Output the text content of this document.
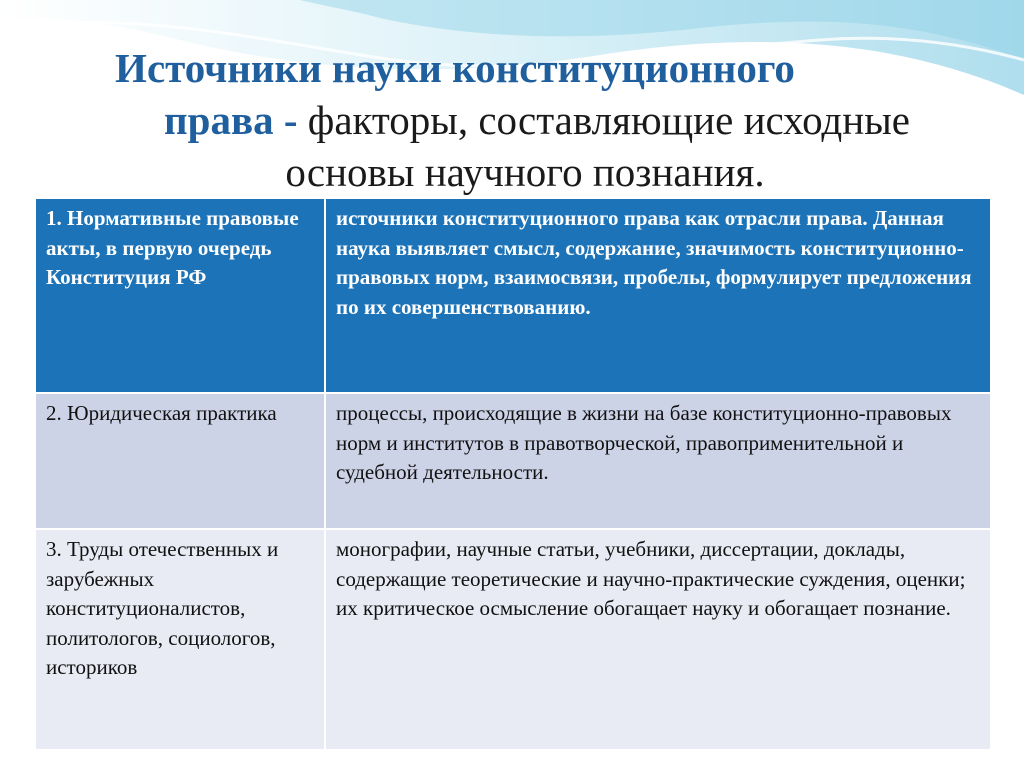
Источники науки конституционного
права - факторы, составляющие исходные
основы научного познания.
1. Нормативные правовые акты, в первую очередь Конституция РФ	источники конституционного права как отрасли права. Данная наука выявляет смысл, содержание, значимость конституционно-правовых норм, взаимосвязи, пробелы, формулирует предложения по их совершенствованию.
2. Юридическая практика	процессы, происходящие в жизни на базе конституционно-правовых норм и институтов в правотворческой, правоприменительной и судебной деятельности.
3. Труды отечественных и зарубежных конституционалистов, политологов, социологов, историков	монографии, научные статьи, учебники, диссертации, доклады, содержащие теоретические и научно-практические суждения, оценки; их критическое осмысление обогащает науку и обогащает познание.
